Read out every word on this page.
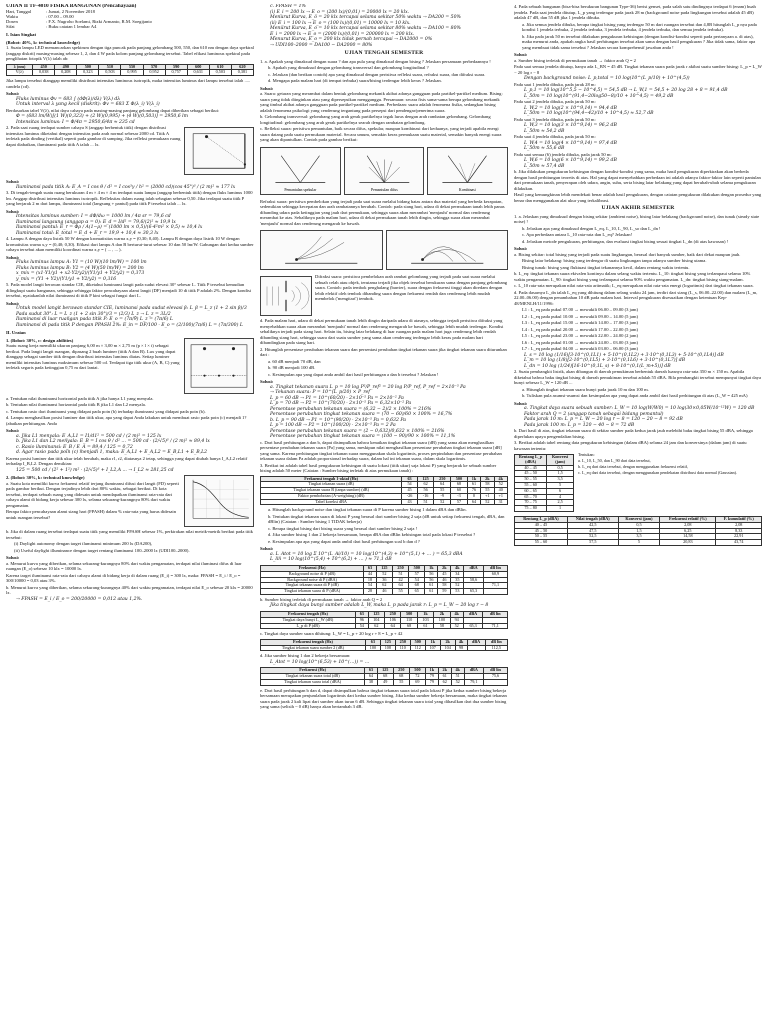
UJIAN II TF-4010 FISIKA BANGUNAN (Pencahayaan)
Hari, Tanggal	: Jumat, 2 November 2018
Waktu	: 07.00 – 09.00
Dosen	: F.X. Nugroho Soelami, Rizki Armanto, R.M. Soegijanto
Sifat	: Buku catatan 1 lembar A4
I. Isian Singkat
(Bobot: 40%, k: technical knowledge)

1. Suatu lampu LED memancarkan spektrum dengan tiga puncak pada panjang gelombang 500, 550, dan 610 nm dengan daya spektral (anggap diskrit) masing-masing sebesar 1, 2, dan 4 W pada kolom panjang gelombang tersebut. Tabel efikasi luminous spektral pada penglihatan fotopik V(λ) ialah ab:

λ (nm)	450	490	500	510	550	570	590	600	610	620
V(λ)	0,038	0,208	0,323	0,503	0,995	0,952	0,757	0,631	0,503	0,381

Jika lampu tersebut dianggap memiliki distribusi intensitas luminous isotropik, maka intensitas luminus dari lampu tersebut ialah ..... candela (cd).

Solusi:
Fluks luminus Φv = 683 ∫ (dΦ(λ)/dλ) V(λ) dλ
Untuk interval λ yang kecil (diskrit): Φv = 683 Σ Φ(λ_i) V(λ_i)

Berdasarkan tabel V(λ), nilai daya cahaya pada masing-masing panjang gelombang dapat diberikan sebagai berikut:

Φ = (683 lm/W)[(1 W)(0,323) + (2 W)(0,995) + (4 W)(0,503)] = 2950,6 lm
Intensitas luminus: I = Φ/4π = 2950,6/4π ≈ 235 cd

2. Pada saat ruang terdapat sumber cahaya S (anggap berbentuk titik) dengan distribusi intensitas luminus diketahui dengan intensitas pada arah normal sebesar 2000 cd. Titik A terletak pada dinding (vertikal) seperti pada gambar di samping. Jika refleksi permukaan ruang dapat diabaikan, iluminansi pada titik A ialah ... lx.

Solusi:
Iluminansi pada titik A: E_A = I cos θ / d² = I cos³γ / h² = (2000 cd)(cos 45°)³ / (2 m)² ≈ 177 lx

3. Di tengah-tengah suatu ruang berukuran 4 m × 4 m × 4 m terdapat suatu lampu (anggap berbentuk titik) dengan fluks luminus 1000 lm. Anggap distribusi intensitas luminus isotropik. Refleksitas dalam ruang ialah sebagian sebesar 0,50. Jika terdapat suatu titik P yang berjarak 2 m dari lampu, iluminansi total (langsung + pantul) pada titik P tersebut ialah ... lx.

Solusi:
Intensitas luminus sumber: I = dΦ/dω = 1000 lm / 4π sr = 79,6 cd
Iluminansi langsung (anggap α = 0): E_d = I/d² = 79,6/(2)² ≈ 19,9 lx
Iluminansi pantul: E_r = Φρ / A(1−ρ) = (1000 lm × 0,5)/(6·4²m² × 0,5) ≈ 10,4 lx
Iluminansi total: E_total = E_d + E_r = 19,9 + 10,4 ≈ 30,3 lx

4. Lampu A dengan daya listrik 50 W dengan kromatisitas warna x,y = (0,30; 0,40). Lampu B dengan daya listrik 10 W dengan kromatisitas warna x,y = (0,40; 0,30). Efikasi dari lampu A dan B berturut-turut sebesar 10 dan 50 lm/W. Gabungan dari kedua sumber cahaya tersebut akan memiliki koordinat warna x,y = ( ... , ... ).

Solusi:
Fluks luminus lampu A: Y1 = (10 W)(10 lm/W) = 100 lm
Fluks luminus lampu B: Y2 = (4 W)(50 lm/W) = 200 lm
x_mix = (x1·Y1/y1 + x2·Y2/y2)/(Y1/y1 + Y2/y2) = 0,373
y_mix = (Y1 + Y2)/(Y1/y1 + Y2/y2) = 0,316

5. Pada model langit berawan standar CIE, diketahui luminansi langit pada sudut elevasi 30° sebesar L. Titik P tersebut kemudian dilingkupi suatu bangunan, sehingga sehingga faktor pencahayaan alami langit (DF) menjadi 10 di titik P adalah 2%. Dengan kondisi tersebut, nyatakanlah nilai iluminansi di titik P kini sebagai fungsi dari L.

Solusi:
Untuk model langit berawan standar CIE, luminansi pada sudut elevasi β: L_β = L_z (1 + 2 sin β)/3
Pada sudut 30°: L = L_z (1 + 2 sin 30°)/3 = (2/3) L_z → L_z = 3L/2
Iluminansi di luar ruangan pada titik P: E_o = (7π/9) L_z = (7π/6) L
Iluminansi di pada titik P dengan PPASH 2%: E_in = DF/100 · E_o = (2/100)(7π/6) L = (7π/300) L
II. Uraian
1. (Bobot: 30%, c: design abilities)

Suatu ruang kerja memiliki ukuran panjang 6,00 m × 3,00 m × 2,75 m (p × l × t) sebagai berikut. Pada langit langit ruangan, dipasang 2 buah luminer (titik A dan B). Lux yang dapat dianggap sebagai sumber titik dengan distribusi intensitas luminus diatas. Setiap luminer memiliki intensitas luminus maksimum sebesar 500 cd. Terdapat tiga titik ukur (A, B, C) yang terletak segaris pada ketinggian 0,75 m dari lantai.

a. Tentukan nilai iluminansi horizontal pada titik A jika hanya L1 yang menyala.

b. Tentukan nilai iluminansi horizontal pada titik B jika L1 dan L2 menyala.

c. Tentukan rasio dari iluminansi yang didapat pada poin (b) terhadap iluminansi yang didapat pada poin (b).

d. Lampu menghasilkan posisi luminer dan titik ukur, apa yang dapat Anda lakukan untuk membuat rasio pada poin (c) menjadi 1? (abaikan perhitungan. Anda

Solusi:
a. Jika L1 menyala: E_A,L1 = I1/d1² = 500 cd / (2 m)² = 125 lx
b. Jika L1 dan L2 menyala: E_B = I cos θ / d² … = 500 cd · (2/√5)³ / (2 m)² ≈ 89,4 lx
c. Rasio iluminansi: E_B / E_A = 89,4 / 125 = 0,72
d. Agar rasio pada poin (c) menjadi 1, maka: E_A,L1 + E_A,L2 = E_B,L1 + E_B,L2

Karena posisi luminer dan titik ukur telah berubah, maka r1, r2, diatasnya 2 tetap, sehingga yang dapat diubah hanya I_A,L2 relatif terhadap I_B,L2. Dengan demikian:

125 = 500 cd / (2² + 1²) m² · (2/√5)³ + I_L2,A ... → I_L2 ≈ 281,25 cd
2. (Bobot: 30%, k: technical knowledge)

a. Suatu kota memiliki kurva frekuensi relatif terjang iluminansi difusi dari langit (FD) seperti pada gambar berikut. Dengan terjadinya lebih dari 80% waktu, sebagai berikut. Di kota tersebut, terdapat sebuah ruang yang didesain untuk mendapatkan iluminansi rata-rata dari cahaya alami di bidang kerja sebesar 300 lx, selama sekurang-kurangnya 80% dari waktu pengamatan.

Berapa faktor pencahayaan alami siang hari (FPASH) dalam % rata-rata yang harus didesain untuk ruangan tersebut?

b. Jika di dalam ruang tersebut terdapat suatu titik yang memiliki FPASH sebesar 1%, perkirakan nilai metrik-metrik berikut pada titik tersebut:

(i) Daylight autonomy dengan target iluminansi minimum 200 lx (DA200),

(ii) Useful daylight illuminance dengan target rentang iluminansi 100–2000 lx (UDI100–2000).

Solusi:

a. Menurut kurva yang diberikan, selama sekurang-kurangnya 80% dari waktu pengamatan, terdapat nilai iluminasi difus di luar ruangan (E_o) sebesar 10 klx = 10000 lx.

Karena target iluminansi rata-rata dari cahaya alami di bidang kerja di dalam ruang (E_i) = 300 lx, maka: FPASH = E_i / E_o = 300/10000 = 0,03 atau 3%.

b. Menurut kurva yang diberikan, selama sekurang-kurangnya 40% dari waktu pengamatan, terdapat nilai E_o sebesar 20 klx = 20000 lx.

→ FPASH = E_i / E_o = 200/20000 = 0,012 atau 1,2%.
c. FPASH = 1%
(i) E_i = 200 lx → E_o = (200 lx)/(0,01) = 20000 lx = 20 klx.
Menurut Kurva, E_o = 20 klx tercapai selama sekitar 50% waktu → DA200 = 50%
(ii) E_i = 100 lx → E_o = (100 lx)/(0,01) = 10000 lx = 10 klx.
Menurut Kurva, E_o = 10 klx tercapai selama sekitar 80% waktu → DA100 = 80%
E_i = 2000 lx → E_o = (2000 lx)/(0,01) = 200000 lx = 200 klx.
Menurut Kurva, E_o = 200 klx tidak pernah tercapai → DA2000 = 0%
→ UDI100–2000 = DA100 − DA2000 = 80%
UJIAN TENGAH SEMESTER

1. a. Apakah yang dimaksud dengan suara ? dan apa pula yang dimaksud dengan bising ? Jelaskan persamaan perbedaannya !

b. Apakah yang dimaksud dengan gelombang transversal dan gelombang longitudinal ?

c. Jelaskan (dan berikan contoh) apa yang dimaksud dengan peristiwa refleksi suara, refraksi suara, dan difraksi suara.

d. Mengapa pada malam hari (di tempat terbuka) suara/bising terdengar lebih keras ? Jelaskan.

Solusi:

a. Suara: getaran yang merambat dalam bentuk gelombang mekanik akibat adanya gangguan pada partikel-partikel medium. Bising: suara yang tidak diinginkan atau yang dipersepsikan mengganggu. Persamaan: secara fisis sama-sama berupa gelombang mekanik yang timbul akibat adanya gangguan pada partikel-partikel medium. Perbedaan: suara adalah fenomena fisika, sedangkan bising adalah fenomena psikologi yang cenderung tergantung pada persepsi dari pendengar/penerima suara.

b. Gelombang transversal: gelombang yang arah gerak partikelnya tegak lurus dengan arah rambatan gelombang. Gelombang longitudinal: gelombang yang arah gerak partikelnya searah dengan rambatan gelombang.

c. Refleksi suara: peristiwa pemantulan, baik secara difus, spekular, maupun kombinasi dari keduanya, yang terjadi apabila energi suara datang pada suatu permukaan material. Secara umum, semakin keras permukaan suatu material, semakin banyak energi suara yang akan dipantulkan. Contoh pada gambar berikut:

Pemantulan spekular	Pemantulan difus	Kombinasi

Refraksi suara: peristiwa pembelokan yang terjadi pada saat suara melalui bidang batas antara dua material yang berbeda kerapatan, sedemikian sehingga kecepatan dan arah rambatannya berubah. Contoh: pada siang hari, udara di dekat permukaan tanah lebih panas dibanding udara pada ketinggian yang jauh dari permukaan, sehingga suara akan merambat 'menjauhi' normal dan cenderung merambat ke atas. Sebaliknya pada malam hari, udara di dekat permukaan tanah lebih dingin, sehingga suara akan merambat 'menjauhi' normal dan cenderung mengarah ke bawah.

Difraksi suara: peristiwa pembelokan arah rambat gelombang yang terjadi pada saat suara melalui sebuah celah atau objek, terutama terjadi jika objek tersebut berukuran sama dengan panjang gelombang suara. Contoh: pada tembok penghalang (barrier), suara dengan frekuensi tinggi akan diredam dengan lebih efektif oleh tembok dibanding suara dengan frekuensi rendah dan cenderung lebih mudah membelok ('mengitari') tembok.

d. Pada malam hari, udara di dekat permukaan tanah lebih dingin daripada udara di atasnya, sehingga terjadi peristiwa difraksi yang menyebabkan suara akan merambat 'menjauhi' normal dan cenderung mengarah ke bawah, sehingga lebih mudah terdengar. Kondisi sebaliknya terjadi pada siang hari. Selain itu, bising latar belakang di luar ruangan pada malam hari juga cenderung lebih rendah dibanding siang hari, sehingga suara dari suatu sumber yang sama akan cenderung terdengar lebih keras pada malam hari dibandingkan pada siang hari.

2. Hitunglah persentase perubahan tekanan suara dan persentasi perubahan tingkat tekanan suara jika tingkat tekanan suara diturunkan dari :

a. 60 dB menjadi 70 dB, dan

b. 90 dB menjadi 100 dB.

c. Kesimpulan apa yang dapat anda ambil dari hasil perhitungan a dan b tersebut ? Jelaskan !

Solusi:
a. Tingkat tekanan suara L_p = 10 log P²/P_ref² = 20 log P/P_ref, P_ref = 2×10⁻⁵ Pa
→ Tekanan suara: P = 10^(L_p/20) × P_ref
L_p = 60 dB → P1 = 10^(60/20) · 2×10⁻⁵ Pa = 2×10⁻² Pa
L_p = 70 dB → P2 = 10^(70/20) · 2×10⁻⁵ Pa = 6,32×10⁻² Pa
Persentase perubahan tekanan suara = (6,32 − 2)/2 × 100% = 216%
Persentase perubahan tingkat tekanan suara = (70 − 60)/60 × 100% = 16,7%
b. L_p = 90 dB → P1 = 10^(90/20) · 2×10⁻⁵ Pa = 0,632 Pa
L_p = 100 dB → P2 = 10^(100/20) · 2×10⁻⁵ Pa = 2 Pa
Persentase perubahan tekanan suara = (2 − 0,632)/0,632 × 100% = 216%
Persentase perubahan tingkat tekanan suara = (100 − 90)/90 × 100% = 11,1%

c. Dari hasil perhitungan a dan b, dapat disimpulkan bahwa kenaikan tingkat tekanan suara (dB) yang sama akan menghasilkan persentase perubahan tekanan suara [Pa] yang sama, meskipun nilai menghasilkan persentase perubahan tingkat tekanan suara [dB] yang sama. Karena perhitungan tingkat tekanan suara menggunakan skala logaritmis, proses perpindahan dan persentase perubahan tekanan suara dalam Pa adalah proporsional terhadap suara, dalam hal ini tekanan suara, dalam skala logaritmis.

3. Berikut ini adalah tabel hasil pengukuran kebisingan di suatu lokasi (titik ukur) saja lokasi P) yang berjarak ke sebuah sumber bising adalah 50 meter (Catatan : Sumber bising terletak di atas permukaan tanah) :

Frekuensi tengah 1-oktaf (Hz)	63	125	250	500	1k	2k	4k
Tingkat tekanan suara (dB)	54	62	64	68	61	58	52
Tingkat tekanan suara B (tanpa sumber) (dB)	45	56	55	60	76	55	40
Faktor pembobotan (A-weighting) (dB)	-26	-16	-9	-3	0	+1	+1
Tabel koreksi dBA	43	51	52	57	64	52	31

a. Hitunglah background noise dan tingkat tekanan suara di P karena sumber bising 1 dalam dBA dan dBlin.

b. Tentukan tingkat tekanan suara di lokasi P yang berasal dari sumber bising 2 saja (dB untuk setiap frekuensi tengah, dBA, dan dBlin) (Catatan : Sumber bising 1 TIDAK bekerja)

c. Berapa tingkat bising dari bising suara yang berasal dari sumber bising 2 saja !

d. Jika sumber bising 1 dan 2 bekerja bersamaan, berapa dBA dan dBlin kebisingan total pada lokasi P tersebut ?

e. Kesimpulan apa apa yang dapat anda ambil dari hasil perhitungan soal b dan d ?

Solusi:
a. L_Atot = 10 log Σ 10^(L_Ai/10) = 10 log(10^(4,3) + 10^(5,1) + … ) = 65,3 dBA
L_lin = 10 log(10^(5,4) + 10^(6,2) + … ) ≈ 71,1 dB
Frekuensi (Hz)	63	125	250	500	1k	2k	4k	dBA	dB lin
Background noise di P (dB)	44	52	51	57	56	45	34		60,9
Background noise di P (dBA)	18	36	42	54	56	46	35	58,6	
Tingkat tekanan suara di P (dB)	54	62	64	68	61	58	52		71,1
Tingkat tekanan suara di P (dBA)	28	46	55	65	61	59	53	65,3	

b. Sumber bising terletak di permukaan tanah → faktor arah Q = 2

Jika tingkat daya bunyi sumber adalah L_W, maka L_p pada jarak r: L_p = L_W − 20 log r − 8
Frekuensi tengah (Hz)	63	125	250	500	1k	2k	4k	dBA	dB lin
Tingkat daya bunyi L_W (dB)	96	104	106	110	103	100	94		
L_p di P (dB)	54	62	64	68	61	58	52	65,3	71,1

c. Tingkat daya sumber suara dihitung: L_W = L_p + 20 log r + 8 = L_p + 42

Frekuensi tengah (Hz)	63	125	250	500	1k	2k	4k	dBA	dB lin
Tingkat tekanan suara sumber 2 (dB)	100	108	110	112	107	104	98		112,5

d. Jika sumber bising 1 dan 2 bekerja bersamaan:

L_Atot = 10 log(10^(6,53) + 10^(…)) = …
Frekuensi (Hz)	63	125	250	500	1k	2k	4k	dBA	dB lin
Tingkat tekanan suara total (dB)	64	68	68	72	79	61	51		75,6
Tingkat tekanan suara total (dBA)	38	49	55	69	79	62	52	79,1	

e. Dari hasil perhitungan b dan d, dapat disimpulkan bahwa tingkat tekanan suara total pada lokasi P jika kedua sumber bising bekerja bersamaan merupakan penjumlahan logaritmis dari kedua sumber bising. Jika kedua sumber bekerja bersamaan, maka tingkat tekanan suara pada jarak 2 kali lipat dari sumber akan turun 6 dB. Sehingga tingkat tekanan suara total yang dihasilkan dari dua sumber bising yang sama (selisih ~ 0 dB) hanya akan bertambah 3 dB.

4. Pada sebuah bangunan (bisa-bisa berukuran bangunan Type-36) berisi genset, pada salah satu dindingnya terdapat 6 (enam) buah jendela. Pada saat jendela ditutup, L_p yang terdengar pada jarak 28 m (background noise pada lingkungan tersebut adalah 45 dB) adalah 47 dB, dan 55 dB jika 1 jendela dibuka.

a. Jika semua jendela dibuka, berapa tingkat bising yang terdengar 50 m dari ruangan tersebut dan 4,8B hitunglah L_p nya pada kondisi 1 jendela terbuka, 2 jendela terbuka, 3 jendela terbuka, 4 jendela terbuka, dan semua jendela terbuka).

b. Jika pada jarak 50 m tersebut dilakukan pengukuran kebisingan (dengan kondisi-kondisi seperti pada pertanyaan a. di atas), maka menurut anda, apakah angka hasil perhitungan tersebut akan sama dengan hasil pengukuran ? Jika tidak sama, faktor apa yang membuat tidak sama tersebut ? Jelaskan secara komprehensif jawaban anda !

Solusi:

a. Sumber bising terletak di permukaan tanah → faktor arah Q = 2

Pada saat semua jendela ditutup, hanya ada L_BN = 45 dB. Tingkat tekanan suara pada jarak r akibat suatu sumber bising: L_p = L_W − 20 log r − 8

Dengan background noise: L_p,total = 10 log(10^(L_p/10) + 10^(4,5))
Pada saat 1 jendela dibuka, pada jarak 28 m:
L_p,1 = 10 log(10^5,5 − 10^4,5) = 54,5 dB → L_W,1 = 54,5 + 20 log 28 + 8 = 91,4 dB
L_50m = 10 log(10^(91,4−20log50−8)/10 + 10^4,5) = 49,2 dB
Pada saat 2 jendela dibuka, pada jarak 50 m:
L_W,2 = 10 log(2 × 10^9,14) = 94,4 dB
L_50m = 10 log(10^(94,4−42)/10 + 10^4,5) ≈ 52,7 dB
Pada saat 3 jendela dibuka, pada jarak 50 m:
L_W,3 = 10 log(3 × 10^9,14) = 96,2 dB
L_50m ≈ 54,2 dB
Pada saat 4 jendela dibuka, pada jarak 50 m:
L_W,4 = 10 log(4 × 10^9,14) = 97,4 dB
L_50m ≈ 55,6 dB
Pada saat semua (6) jendela dibuka, pada jarak 50 m:
L_W,6 = 10 log(6 × 10^9,14) = 99,2 dB
L_50m ≈ 57,4 dB

b. Jika dilakukan pengukuran kebisingan dengan kondisi-kondisi yang sama, maka hasil pengukuran diperkirakan akan berbeda dengan hasil perhitungan teoretis di atas. Hal yang dapat menyebabkan perbedaan ini adalah adanya faktor-faktor lain seperti pantulan dari permukaan tanah, penyerapan oleh udara, angin, suhu, serta bising latar belakang yang dapat berubah-ubah selama pengukuran dilakukan.

Hasil yang kemungkinan lebih mendekati benar adalah hasil pengukuran, dengan catatan pengukuran dilakukan dengan prosedur yang benar dan menggunakan alat ukur yang terkalibrasi.

UJIAN AKHIR SEMESTER

1. a. Jelaskan yang dimaksud dengan bising sekitar (ambient noise), bising latar belakang (background noise), dan tunak (steady state noise) !

b. Jelaskan apa yang dimaksud dengan L_eq, L_10, L_90, L_so dan L_dn !

c. Apa perbedaan antara L_10 rata-rata dan L_eq? Jelaskan!

d. Jelaskan metode pengukuran, perhitungan, dan evaluasi tingkat bising sesuai tingkat L_dn (di atas kawasan) !

Solusi:

a. Bising sekitar: total bising yang terjadi pada suatu lingkungan, berasal dari banyak sumber, baik dari dekat maupun jauh.

Bising latar belakang: bising yang terdengar di suatu lingkungan tanpa adanya sumber bising utama.

Bising tunak: bising yang fluktuasi tingkat tekanannya kecil, dalam rentang waktu tertentu.

b. L_eq: tingkat tekanan suara ekivalen kontinyu dalam selang waktu tertentu. L_10: tingkat bising yang terlampaui selama 10% waktu pengamatan. L_90: tingkat bising yang terlampaui selama 90% waktu pengamatan. L_dn: tingkat bising siang-malam.

c. L_10 rata-rata merupakan nilai rata-rata aritmatik; L_eq merupakan nilai rata-rata energi (logaritmis) dari tingkat tekanan suara.

d. Pada dasarnya L_dn ialah L_eq yang dihitung dalam selang waktu 24 jam, terdiri dari siang (L_s, 06.00–22.00) dan malam (L_m, 22.00–06.00) dengan penambahan 10 dB pada malam hari. Interval pengukuran disesuaikan dengan ketentuan Kep-48/MENLH/11/1996:

L1 : L_eq pada pukul 07.00 → mewakili 06.00 – 09.00 (3 jam)
L2 : L_eq pada pukul 10.00 → mewakili 09.00 – 14.00 (5 jam)
L3 : L_eq pada pukul 15.00 → mewakili 14.00 – 17.00 (3 jam)
L4 : L_eq pada pukul 20.00 → mewakili 17.00 – 22.00 (5 jam)
L5 : L_eq pada pukul 23.00 → mewakili 22.00 – 24.00 (2 jam)
L6 : L_eq pada pukul 01.00 → mewakili 24.00 – 03.00 (3 jam)
L7 : L_eq pada pukul 04.00 → mewakili 03.00 – 06.00 (3 jam)
L_s = 10 log (1/16)[3·10^(0,1L1) + 5·10^(0,1L2) + 3·10^(0,1L3) + 5·10^(0,1L4)] dB
L_m = 10 log (1/8)[2·10^(0,1L5) + 3·10^(0,1L6) + 3·10^(0,1L7)] dB
L_dn = 10 log (1/24)[16·10^(0,1L_s) + 8·10^(0,1(L_m+5))] dB

2. Suatu pembangkit listrik, akan dibangun di daerah pemukiman berbentuk daerah luasnya rata-rata 350 m × 150 m. Apabila diketahui bahwa baku tingkat bising di daerah pemukiman tersebut adalah 55 dBA. Bila pembangkit tersebut mempunyai tingkat daya bunyi sebesar L_W = 120 dB ...

a. Hitunglah tingkat tekanan suara bunyi pada jarak 10 m dan 100 m.

b. Tuliskan pula asumsi-asumsi dan kesimpulan apa yang dapat anda ambil dari hasil perhitungan di atas (L_W = 425 mA)

Solusi:
a. Tingkat daya suara sebuah sumber: L_W = 10 log(W/W0) = 10 log(30×0,05W/10⁻¹²W) = 120 dB
Faktor arah Q = 2 (anggap tanah sebagai bidang pemantul)
Pada jarak 10 m: L_p = L_W − 20 log r − 8 = 120 − 20 − 8 = 92 dB
Pada jarak 100 m: L_p = 120 − 40 − 8 = 72 dB

b. Dari hasil di atas, tingkat tekanan suara di sekitar sumber pada kedua jarak jauh melebihi baku tingkat bising 55 dBA, sehingga diperlukan upaya pengendalian bising.

3. Berikut adalah tabel rentang data pengukuran kebisingan (dalam dBA) selama 24 jam dan konversinya (dalam jam) di suatu kawasan tertentu:

Rentang L_p (dBA)	Konversi (jam)
40 – 45	0,5
45 – 50	1,5
50 – 55	3,5
55 – 60	5
60 – 65	6
65 – 70	4
70 – 75	2,5
75 – 80	1
Tentukan:
a. L_10, L_50, dan L_90 dari data tersebut,
b. L_eq dari data tersebut, dengan menggunakan frekuensi relatif,
c. L_eq dari data tersebut, dengan menggunakan pendekatan distribusi data normal (Gaussian).
Rentang L_p (dBA)	Nilai tengah (dBA)	Konversi (jam)	Frekuensi relatif (%)	F. kumulatif (%)
40 – 45	42,5	0,5	2,08	2,08
45 – 50	47,5	1,5	6,25	8,33
50 – 55	52,5	3,5	14,58	22,91
55 – 60	57,5	5	20,83	43,74
